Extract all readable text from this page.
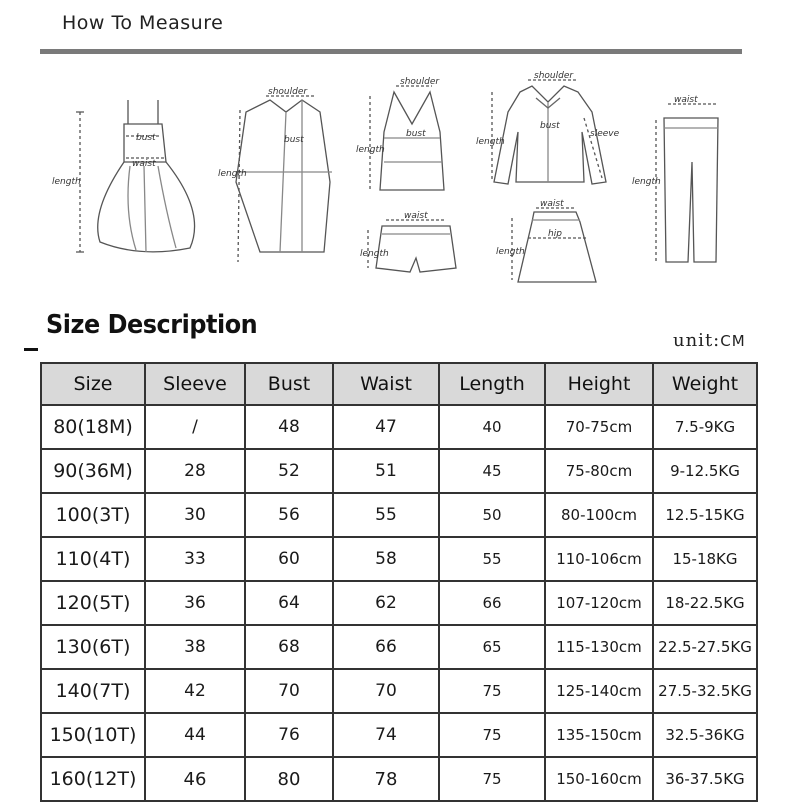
How To Measure
bust
waist
length
shoulder
bust
length
shoulder
bust
length
waist
length
shoulder
bust
sleeve
length
waist
hip
length
waist
length
Size Description
unit:CM
Size	Sleeve	Bust	Waist	Length	Height	Weight
80(18M)	/	48	47	40	70-75cm	7.5-9KG
90(36M)	28	52	51	45	75-80cm	9-12.5KG
100(3T)	30	56	55	50	80-100cm	12.5-15KG
110(4T)	33	60	58	55	110-106cm	15-18KG
120(5T)	36	64	62	66	107-120cm	18-22.5KG
130(6T)	38	68	66	65	115-130cm	22.5-27.5KG
140(7T)	42	70	70	75	125-140cm	27.5-32.5KG
150(10T)	44	76	74	75	135-150cm	32.5-36KG
160(12T)	46	80	78	75	150-160cm	36-37.5KG
